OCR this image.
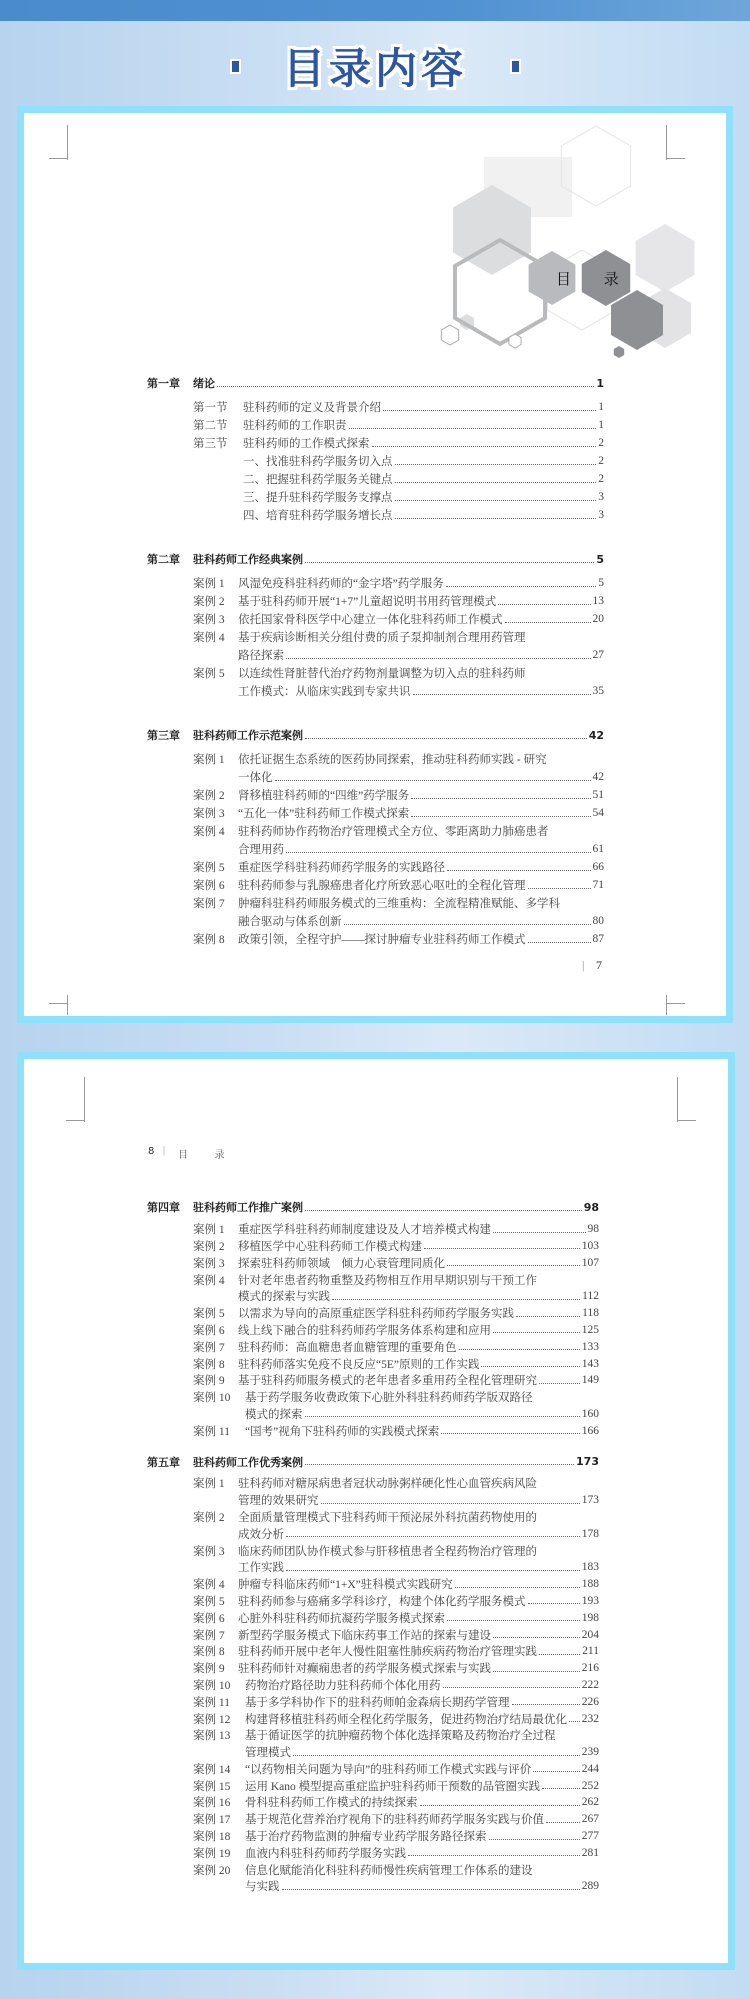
目录内容
目 录
第一章	绪论	1
第一节	驻科药师的定义及背景介绍	1
第二节	驻科药师的工作职责	1
第三节	驻科药师的工作模式探索	2
一、找准驻科药学服务切入点	2
二、把握驻科药学服务关键点	2
三、提升驻科药学服务支撑点	3
四、培育驻科药学服务增长点	3
第二章	驻科药师工作经典案例	5
案例 1	风湿免疫科驻科药师的“金字塔”药学服务	5
案例 2	基于驻科药师开展“1+7”儿童超说明书用药管理模式	13
案例 3	依托国家骨科医学中心建立一体化驻科药师工作模式	20
案例 4	基于疾病诊断相关分组付费的质子泵抑制剂合理用药管理
路径探索	27
案例 5	以连续性肾脏替代治疗药物剂量调整为切入点的驻科药师
工作模式：从临床实践到专家共识	35
第三章	驻科药师工作示范案例	42
案例 1	依托证据生态系统的医药协同探索，推动驻科药师实践 - 研究
一体化	42
案例 2	肾移植驻科药师的“四维”药学服务	51
案例 3	“五化一体”驻科药师工作模式探索	54
案例 4	驻科药师协作药物治疗管理模式全方位、零距离助力肺癌患者
合理用药	61
案例 5	重症医学科驻科药师药学服务的实践路径	66
案例 6	驻科药师参与乳腺癌患者化疗所致恶心呕吐的全程化管理	71
案例 7	肿瘤科驻科药师服务模式的三维重构：全流程精准赋能、多学科
融合驱动与体系创新	80
案例 8	政策引领，全程守护——探讨肿瘤专业驻科药师工作模式	87
| 7
8 | 目 录
第四章	驻科药师工作推广案例	98
案例 1	重症医学科驻科药师制度建设及人才培养模式构建	98
案例 2	移植医学中心驻科药师工作模式构建	103
案例 3	探索驻科药师领域　倾力心衰管理同质化	107
案例 4	针对老年患者药物重整及药物相互作用早期识别与干预工作
模式的探索与实践	112
案例 5	以需求为导向的高原重症医学科驻科药师药学服务实践	118
案例 6	线上线下融合的驻科药师药学服务体系构建和应用	125
案例 7	驻科药师：高血糖患者血糖管理的重要角色	133
案例 8	驻科药师落实免疫不良反应“5E”原则的工作实践	143
案例 9	基于驻科药师服务模式的老年患者多重用药全程化管理研究	149
案例 10	基于药学服务收费政策下心脏外科驻科药师药学版双路径
模式的探索	160
案例 11	“国考”视角下驻科药师的实践模式探索	166
第五章	驻科药师工作优秀案例	173
案例 1	驻科药师对糖尿病患者冠状动脉粥样硬化性心血管疾病风险
管理的效果研究	173
案例 2	全面质量管理模式下驻科药师干预泌尿外科抗菌药物使用的
成效分析	178
案例 3	临床药师团队协作模式参与肝移植患者全程药物治疗管理的
工作实践	183
案例 4	肿瘤专科临床药师“1+X”驻科模式实践研究	188
案例 5	驻科药师参与癌痛多学科诊疗，构建个体化药学服务模式	193
案例 6	心脏外科驻科药师抗凝药学服务模式探索	198
案例 7	新型药学服务模式下临床药事工作站的探索与建设	204
案例 8	驻科药师开展中老年人慢性阻塞性肺疾病药物治疗管理实践	211
案例 9	驻科药师针对癫痫患者的药学服务模式探索与实践	216
案例 10	药物治疗路径助力驻科药师个体化用药	222
案例 11	基于多学科协作下的驻科药师帕金森病长期药学管理	226
案例 12	构建肾移植驻科药师全程化药学服务，促进药物治疗结局最优化 232
案例 13	基于循证医学的抗肿瘤药物个体化选择策略及药物治疗全过程
管理模式	239
案例 14	“以药物相关问题为导向”的驻科药师工作模式实践与评价	244
案例 15	运用 Kano 模型提高重症监护驻科药师干预数的品管圈实践	252
案例 16	骨科驻科药师工作模式的持续探索	262
案例 17	基于规范化营养治疗视角下的驻科药师药学服务实践与价值	267
案例 18	基于治疗药物监测的肿瘤专业药学服务路径探索	277
案例 19	血液内科驻科药师药学服务实践	281
案例 20	信息化赋能消化科驻科药师慢性疾病管理工作体系的建设
与实践	289
